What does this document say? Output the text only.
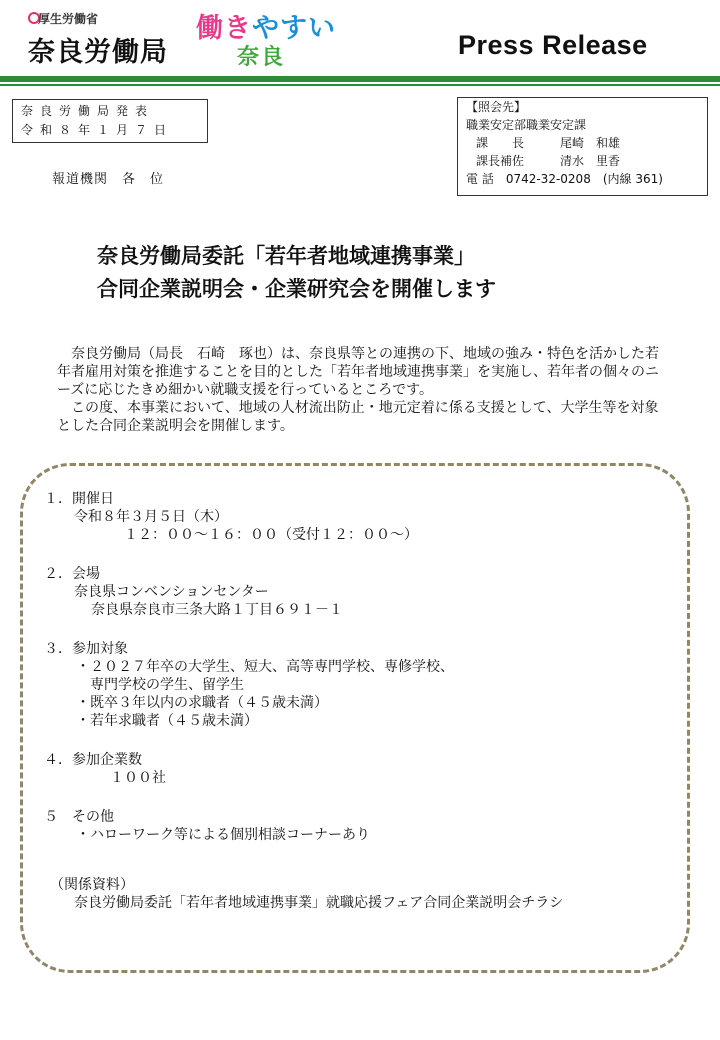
厚生労働省
奈良労働局
働きやすい
奈良	Press Release
奈良労働局発表
令和８年１月７日
【照会先】
職業安定部職業安定課
課　　長　　　尾崎　和雄
課長補佐　　　清水　里香
電 話　0742-32-0208　(内線 361)
報道機関　各　位
奈良労働局委託「若年者地域連携事業」
合同企業説明会・企業研究会を開催します

奈良労働局（局長　石崎　琢也）は、奈良県等との連携の下、地域の強み・特色を活かした若年者雇用対策を推進することを目的とした「若年者地域連携事業」を実施し、若年者の個々のニーズに応じたきめ細かい就職支援を行っているところです。

この度、本事業において、地域の人材流出防止・地元定着に係る支援として、大学生等を対象とした合同企業説明会を開催します。

１．開催日
令和８年３月５日（木）
１２：００～１６：００（受付１２：００～）
２．会場
奈良県コンベンションセンター
奈良県奈良市三条大路１丁目６９１－１
３．参加対象
・２０２７年卒の大学生、短大、高等専門学校、専修学校、
専門学校の学生、留学生
・既卒３年以内の求職者（４５歳未満）
・若年求職者（４５歳未満）
４．参加企業数
１００社
５　その他
・ハローワーク等による個別相談コーナーあり
（関係資料）
奈良労働局委託「若年者地域連携事業」就職応援フェア合同企業説明会チラシ
